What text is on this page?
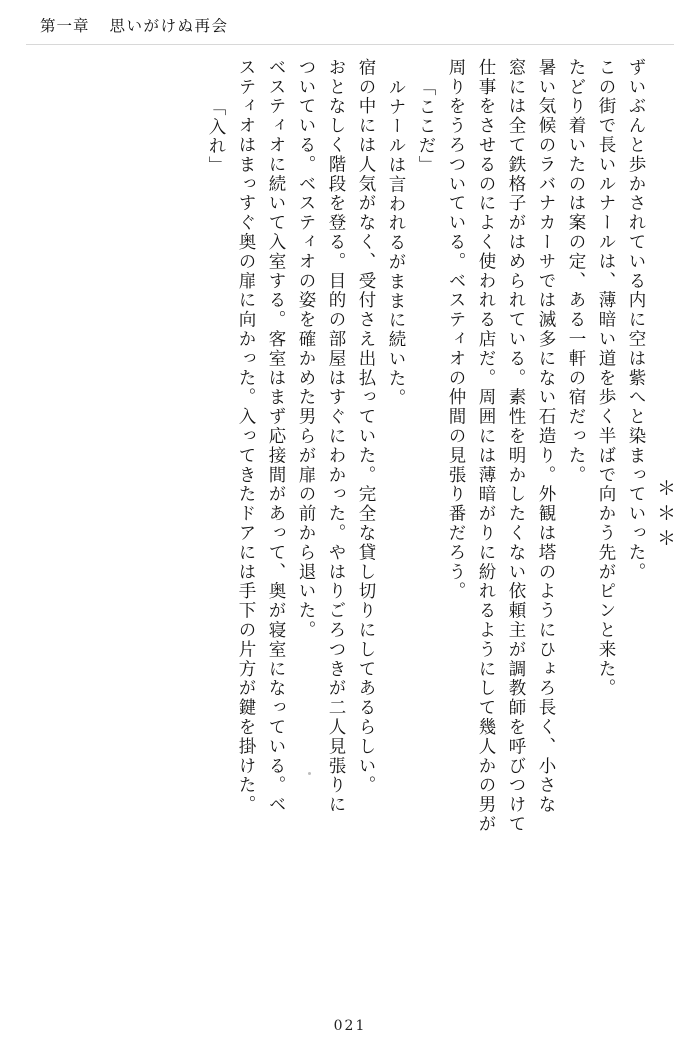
第一章 思いがけぬ再会
＊＊＊
ずいぶんと歩かされている内に空は紫へと染まっていった。
この街で長いルナールは、薄暗い道を歩く半ばで向かう先がピンと来た。
たどり着いたのは案の定、ある一軒の宿だった。
暑い気候のラバナカーサでは滅多にない石造り。外観は塔のようにひょろ長く、小さな
窓には全て鉄格子がはめられている。素性を明かしたくない依頼主が調教師を呼びつけて
仕事をさせるのによく使われる店だ。周囲には薄暗がりに紛れるようにして幾人かの男が
周りをうろついている。ベスティオの仲間の見張り番だろう。
「ここだ」
ルナールは言われるがままに続いた。
宿の中には人気がなく、受付さえ出払っていた。完全な貸し切りにしてあるらしい。
おとなしく階段を登る。目的の部屋はすぐにわかった。やはりごろつきが二人見張りに
ついている。ベスティオの姿を確かめた男らが扉の前から退いた。
ベスティオに続いて入室する。客室はまず応接間があって、奥が寝室になっている。ベ
スティオはまっすぐ奥の扉に向かった。入ってきたドアには手下の片方が鍵を掛けた。
「入れ」
021
